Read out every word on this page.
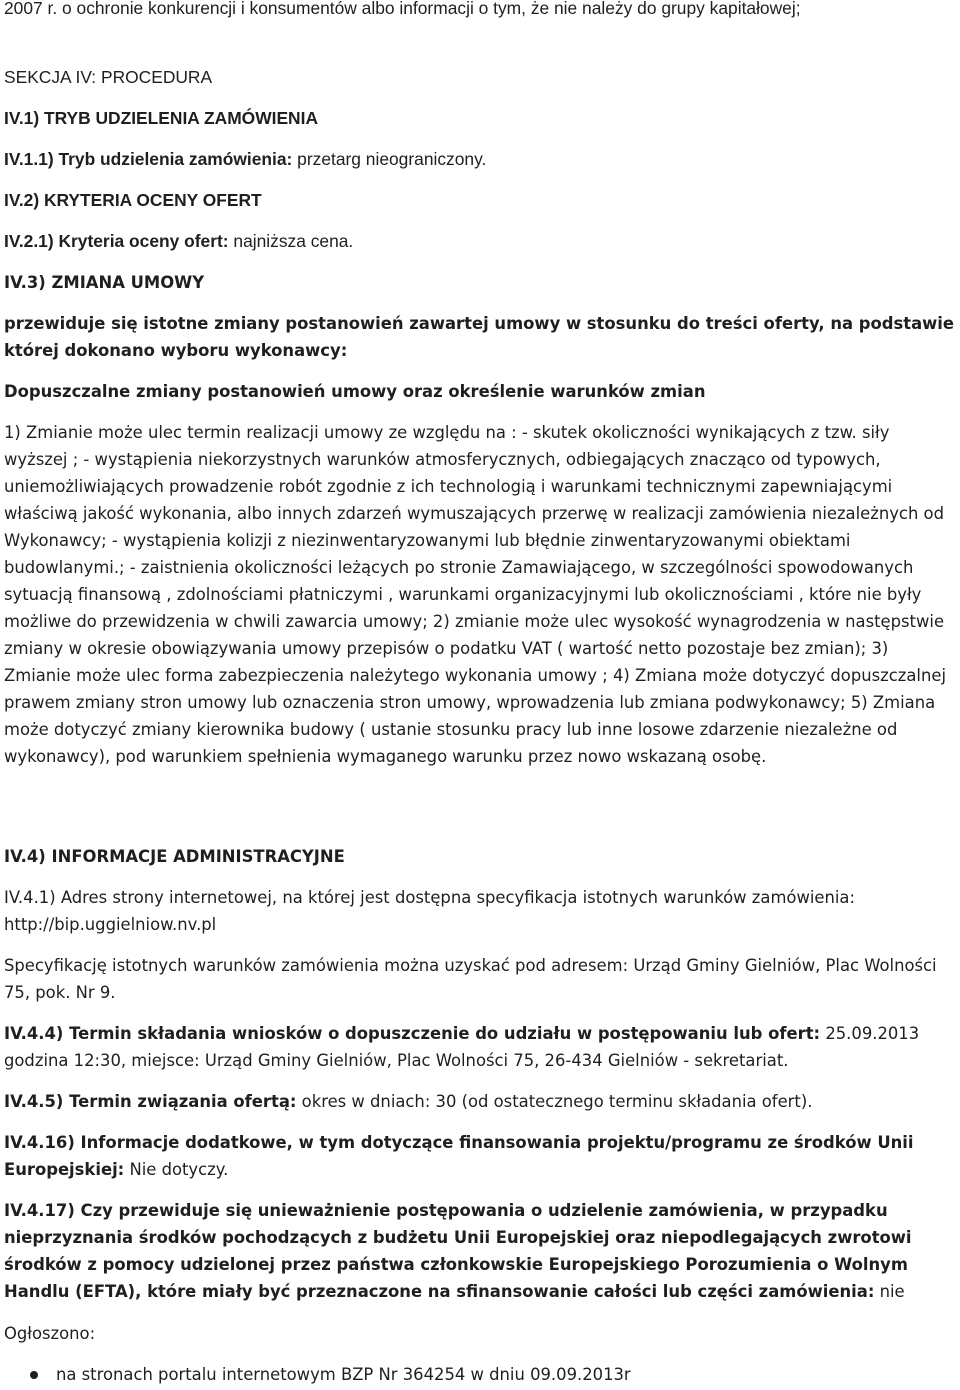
2007 r. o ochronie konkurencji i konsumentów albo informacji o tym, że nie należy do grupy kapitałowej;

SEKCJA IV: PROCEDURA

IV.1) TRYB UDZIELENIA ZAMÓWIENIA

IV.1.1) Tryb udzielenia zamówienia: przetarg nieograniczony.

IV.2) KRYTERIA OCENY OFERT

IV.2.1) Kryteria oceny ofert: najniższa cena.

IV.3) ZMIANA UMOWY

przewiduje się istotne zmiany postanowień zawartej umowy w stosunku do treści oferty, na podstawie której dokonano wyboru wykonawcy:

Dopuszczalne zmiany postanowień umowy oraz określenie warunków zmian

1) Zmianie może ulec termin realizacji umowy ze względu na : - skutek okoliczności wynikających z tzw. siły wyższej ; - wystąpienia niekorzystnych warunków atmosferycznych, odbiegających znacząco od typowych, uniemożliwiających prowadzenie robót zgodnie z ich technologią i warunkami technicznymi zapewniającymi właściwą jakość wykonania, albo innych zdarzeń wymuszających przerwę w realizacji zamówienia niezależnych od Wykonawcy; - wystąpienia kolizji z niezinwentaryzowanymi lub błędnie zinwentaryzowanymi obiektami budowlanymi.; - zaistnienia okoliczności leżących po stronie Zamawiającego, w szczególności spowodowanych sytuacją finansową , zdolnościami płatniczymi , warunkami organizacyjnymi lub okolicznościami , które nie były możliwe do przewidzenia w chwili zawarcia umowy; 2) zmianie może ulec wysokość wynagrodzenia w następstwie zmiany w okresie obowiązywania umowy przepisów o podatku VAT ( wartość netto pozostaje bez zmian); 3) Zmianie może ulec forma zabezpieczenia należytego wykonania umowy ; 4) Zmiana może dotyczyć dopuszczalnej prawem zmiany stron umowy lub oznaczenia stron umowy, wprowadzenia lub zmiana podwykonawcy; 5) Zmiana może dotyczyć zmiany kierownika budowy ( ustanie stosunku pracy lub inne losowe zdarzenie niezależne od wykonawcy), pod warunkiem spełnienia wymaganego warunku przez nowo wskazaną osobę.

IV.4) INFORMACJE ADMINISTRACYJNE

IV.4.1) Adres strony internetowej, na której jest dostępna specyfikacja istotnych warunków zamówienia: http://bip.uggielniow.nv.pl

Specyfikację istotnych warunków zamówienia można uzyskać pod adresem: Urząd Gminy Gielniów, Plac Wolności 75, pok. Nr 9.

IV.4.4) Termin składania wniosków o dopuszczenie do udziału w postępowaniu lub ofert: 25.09.2013 godzina 12:30, miejsce: Urząd Gminy Gielniów, Plac Wolności 75, 26-434 Gielniów - sekretariat.

IV.4.5) Termin związania ofertą: okres w dniach: 30 (od ostatecznego terminu składania ofert).

IV.4.16) Informacje dodatkowe, w tym dotyczące finansowania projektu/programu ze środków Unii Europejskiej: Nie dotyczy.

IV.4.17) Czy przewiduje się unieważnienie postępowania o udzielenie zamówienia, w przypadku nieprzyznania środków pochodzących z budżetu Unii Europejskiej oraz niepodlegających zwrotowi środków z pomocy udzielonej przez państwa członkowskie Europejskiego Porozumienia o Wolnym Handlu (EFTA), które miały być przeznaczone na sfinansowanie całości lub części zamówienia: nie

Ogłoszono:

na stronach portalu internetowym BZP Nr 364254 w dniu 09.09.2013r
